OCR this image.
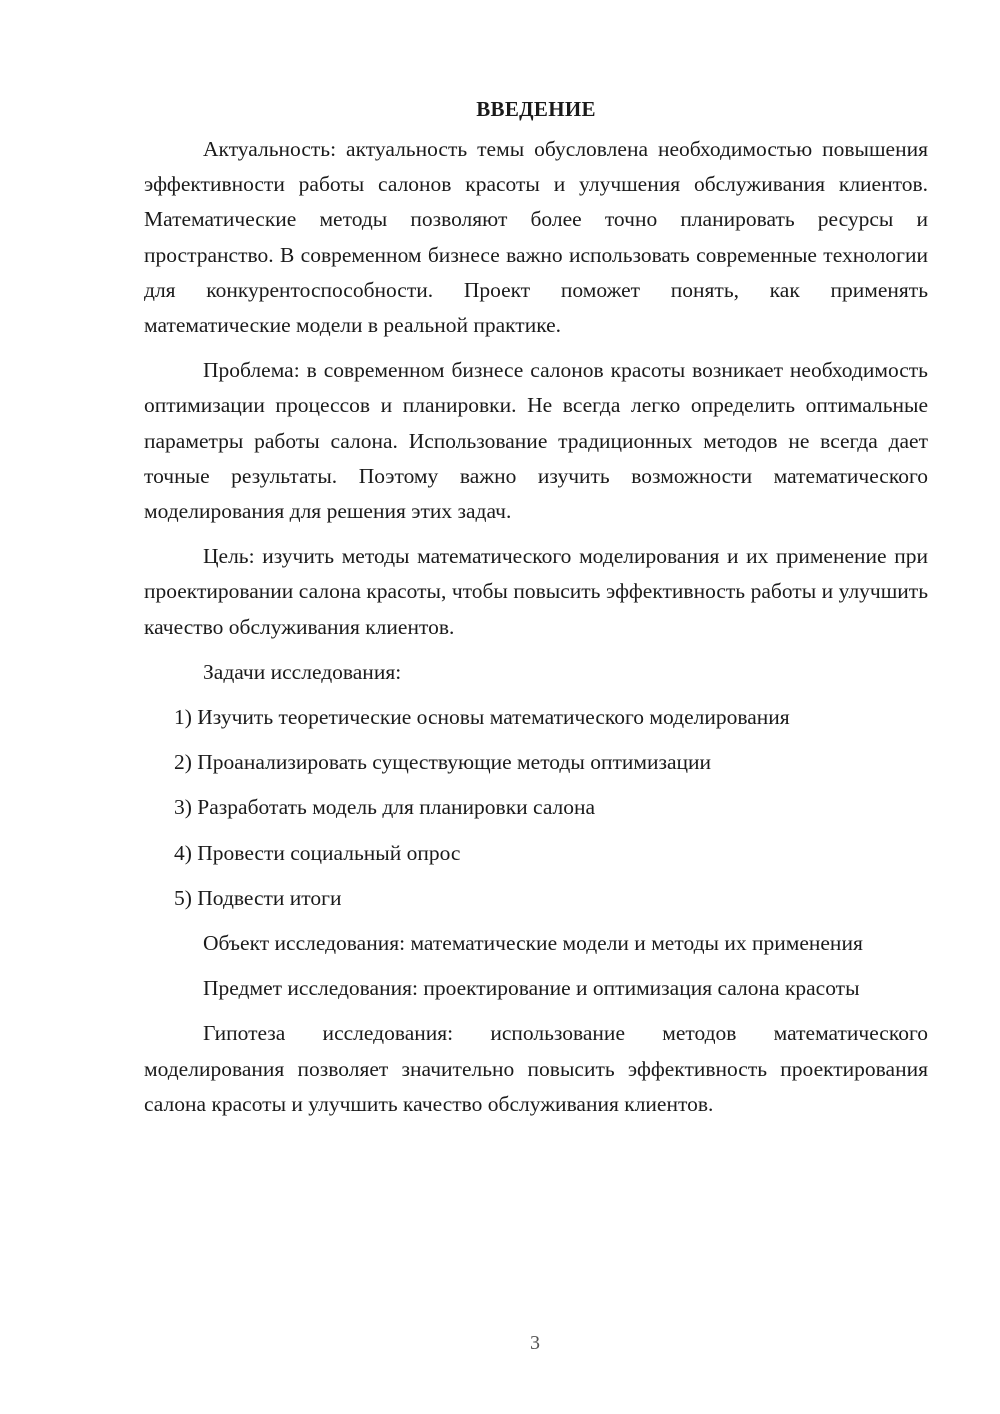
ВВЕДЕНИЕ

Актуальность: актуальность темы обусловлена необходимостью повышения эффективности работы салонов красоты и улучшения обслуживания клиентов. Математические методы позволяют более точно планировать ресурсы и пространство. В современном бизнесе важно использовать современные технологии для конкурентоспособности. Проект поможет понять, как применять математические модели в реальной практике.

Проблема: в современном бизнесе салонов красоты возникает необходимость оптимизации процессов и планировки. Не всегда легко определить оптимальные параметры работы салона. Использование традиционных методов не всегда дает точные результаты. Поэтому важно изучить возможности математического моделирования для решения этих задач.

Цель: изучить методы математического моделирования и их применение при проектировании салона красоты, чтобы повысить эффективность работы и улучшить качество обслуживания клиентов.

Задачи исследования:

1) Изучить теоретические основы математического моделирования
2) Проанализировать существующие методы оптимизации
3) Разработать модель для планировки салона
4) Провести социальный опрос
5) Подвести итоги

Объект исследования: математические модели и методы их применения

Предмет исследования: проектирование и оптимизация салона красоты

Гипотеза исследования: использование методов математического моделирования позволяет значительно повысить эффективность проектирования салона красоты и улучшить качество обслуживания клиентов.

3
